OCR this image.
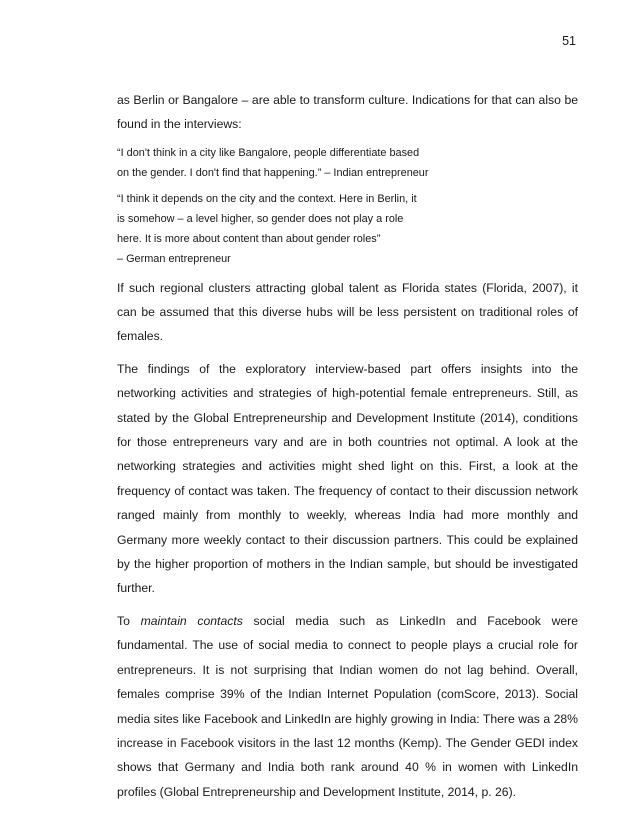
51

as Berlin or Bangalore – are able to transform culture. Indications for that can also be found in the interviews:

“I don't think in a city like Bangalore, people differentiate based
on the gender. I don't find that happening.” – Indian entrepreneur

“I think it depends on the city and the context. Here in Berlin, it
is somehow – a level higher, so gender does not play a role
here. It is more about content than about gender roles”
– German entrepreneur

If such regional clusters attracting global talent as Florida states (Florida, 2007), it can be assumed that this diverse hubs will be less persistent on traditional roles of females.

The findings of the exploratory interview-based part offers insights into the networking activities and strategies of high-potential female entrepreneurs. Still, as stated by the Global Entrepreneurship and Development Institute (2014), conditions for those entrepreneurs vary and are in both countries not optimal. A look at the networking strategies and activities might shed light on this. First, a look at the frequency of contact was taken. The frequency of contact to their discussion network ranged mainly from monthly to weekly, whereas India had more monthly and Germany more weekly contact to their discussion partners. This could be explained by the higher proportion of mothers in the Indian sample, but should be investigated further.

To maintain contacts social media such as LinkedIn and Facebook were fundamental. The use of social media to connect to people plays a crucial role for entrepreneurs. It is not surprising that Indian women do not lag behind. Overall, females comprise 39% of the Indian Internet Population (comScore, 2013). Social media sites like Facebook and LinkedIn are highly growing in India: There was a 28% increase in Facebook visitors in the last 12 months (Kemp). The Gender GEDI index shows that Germany and India both rank around 40 % in women with LinkedIn profiles (Global Entrepreneurship and Development Institute, 2014, p. 26).
